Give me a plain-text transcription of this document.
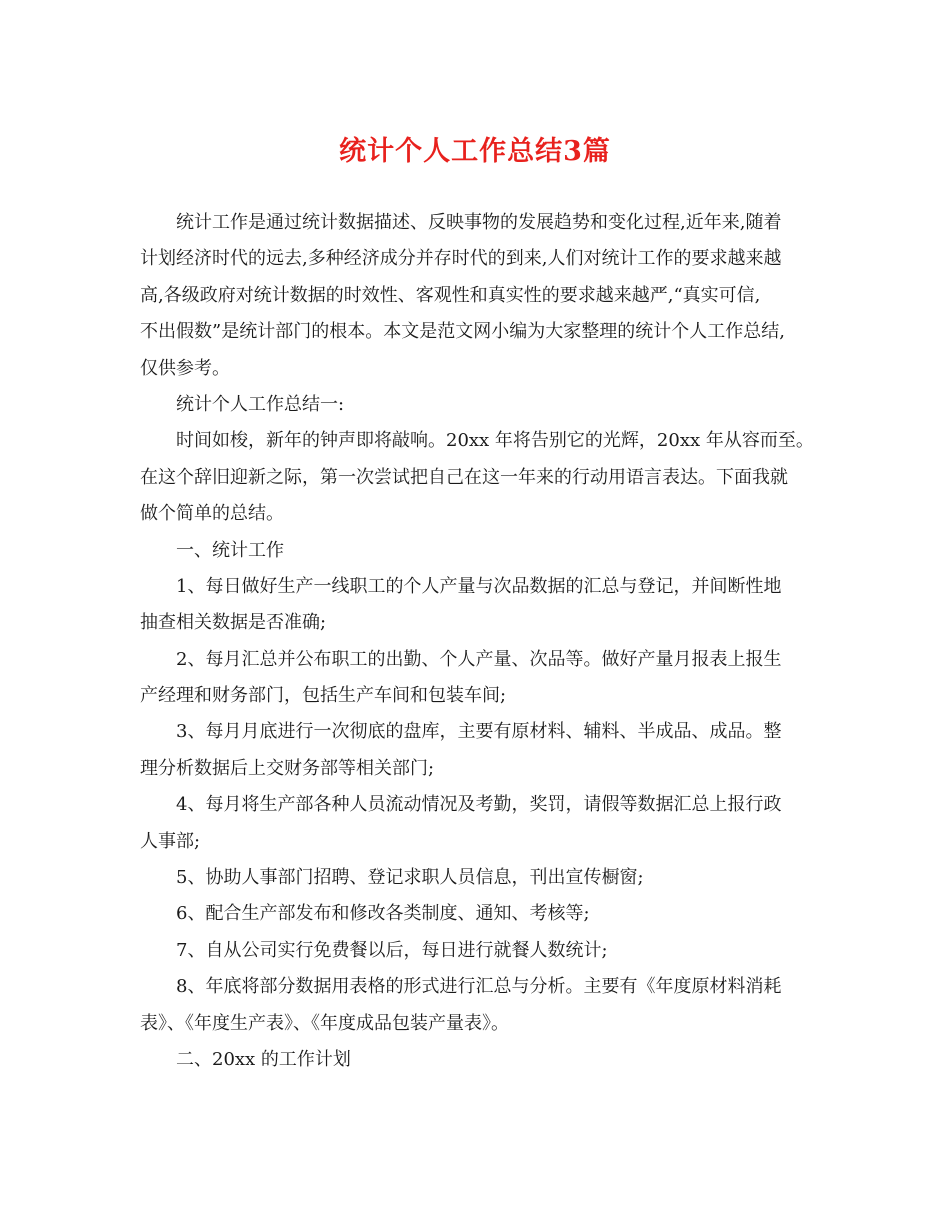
统计个人工作总结3篇
统计工作是通过统计数据描述、反映事物的发展趋势和变化过程,近年来,随着
计划经济时代的远去,多种经济成分并存时代的到来,人们对统计工作的要求越来越
高,各级政府对统计数据的时效性、客观性和真实性的要求越来越严,“真实可信,
不出假数”是统计部门的根本。本文是范文网小编为大家整理的统计个人工作总结,
仅供参考。
统计个人工作总结一:
时间如梭，新年的钟声即将敲响。20xx 年将告别它的光辉，20xx 年从容而至。
在这个辞旧迎新之际，第一次尝试把自己在这一年来的行动用语言表达。下面我就
做个简单的总结。
一、统计工作
1、每日做好生产一线职工的个人产量与次品数据的汇总与登记，并间断性地
抽查相关数据是否准确;
2、每月汇总并公布职工的出勤、个人产量、次品等。做好产量月报表上报生
产经理和财务部门，包括生产车间和包装车间;
3、每月月底进行一次彻底的盘库，主要有原材料、辅料、半成品、成品。整
理分析数据后上交财务部等相关部门;
4、每月将生产部各种人员流动情况及考勤，奖罚，请假等数据汇总上报行政
人事部;
5、协助人事部门招聘、登记求职人员信息，刊出宣传橱窗;
6、配合生产部发布和修改各类制度、通知、考核等;
7、自从公司实行免费餐以后，每日进行就餐人数统计;
8、年底将部分数据用表格的形式进行汇总与分析。主要有《年度原材料消耗
表》、《年度生产表》、《年度成品包装产量表》。
二、20xx 的工作计划
